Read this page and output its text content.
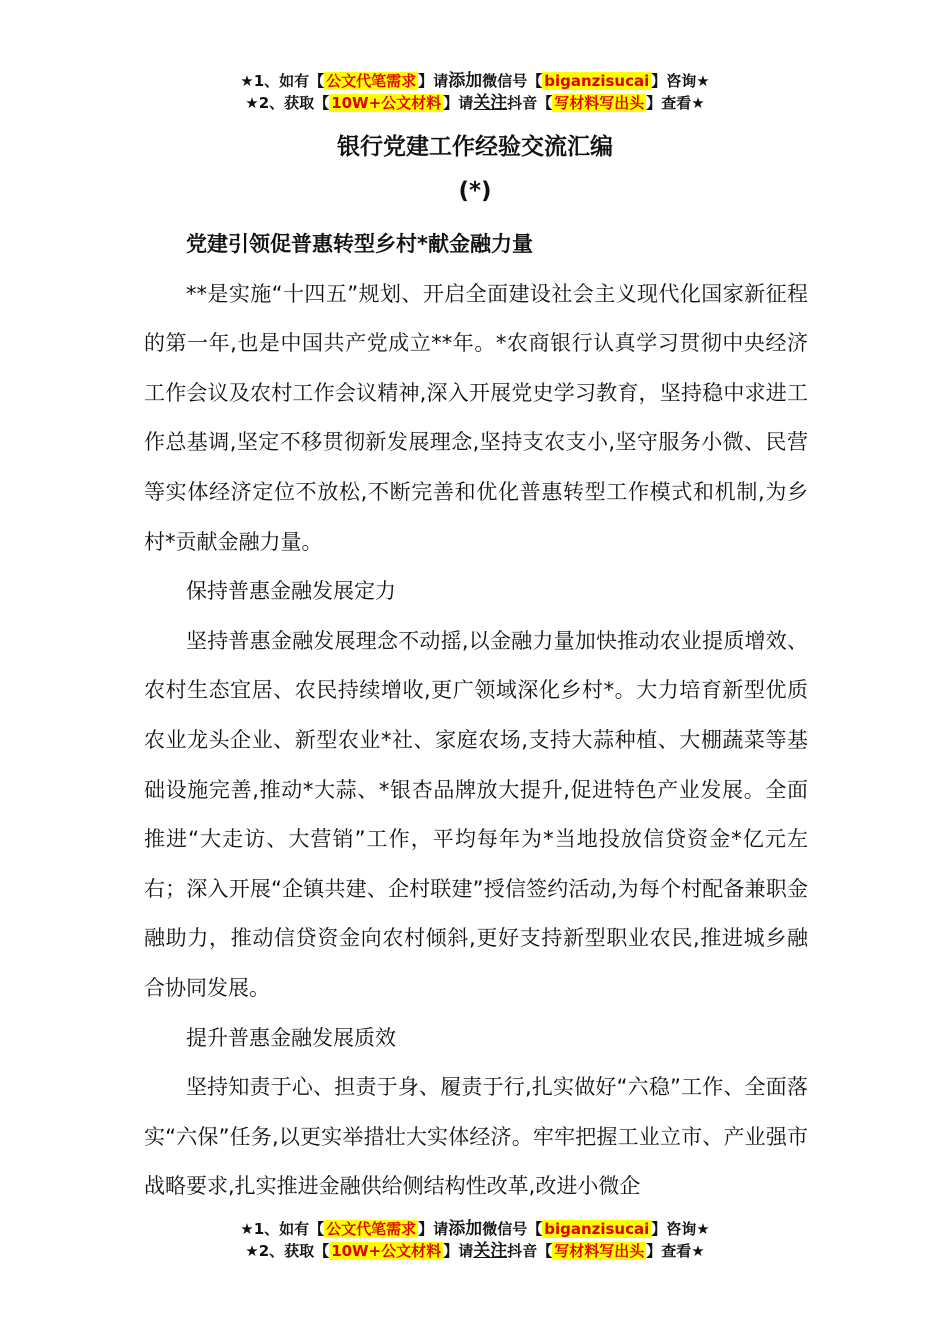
★1、如有【 公文代笔需求 】请添加微信号【 biganzisucai 】咨询★
★2、获取【 10W+公文材料 】请关注抖音【 写材料写出头 】查看★
银行党建工作经验交流汇编
(*)

党建引领促普惠转型乡村*献金融力量

**是实施“十四五”规划、开启全面建设社会主义现代化国家新征程的第一年,也是中国共产党成立**年。*农商银行认真学习贯彻中央经济工作会议及农村工作会议精神,深入开展党史学习教育，坚持稳中求进工作总基调,坚定不移贯彻新发展理念,坚持支农支小,坚守服务小微、民营等实体经济定位不放松,不断完善和优化普惠转型工作模式和机制,为乡村*贡献金融力量。

保持普惠金融发展定力

坚持普惠金融发展理念不动摇,以金融力量加快推动农业提质增效、农村生态宜居、农民持续增收,更广领域深化乡村*。大力培育新型优质农业龙头企业、新型农业*社、家庭农场,支持大蒜种植、大棚蔬菜等基础设施完善,推动*大蒜、*银杏品牌放大提升,促进特色产业发展。全面推进“大走访、大营销”工作，平均每年为*当地投放信贷资金*亿元左右；深入开展“企镇共建、企村联建”授信签约活动,为每个村配备兼职金融助力，推动信贷资金向农村倾斜,更好支持新型职业农民,推进城乡融合协同发展。

提升普惠金融发展质效

坚持知责于心、担责于身、履责于行,扎实做好“六稳”工作、全面落实“六保”任务,以更实举措壮大实体经济。牢牢把握工业立市、产业强市战略要求,扎实推进金融供给侧结构性改革,改进小微企

★1、如有【 公文代笔需求 】请添加微信号【 biganzisucai 】咨询★
★2、获取【 10W+公文材料 】请关注抖音【 写材料写出头 】查看★
